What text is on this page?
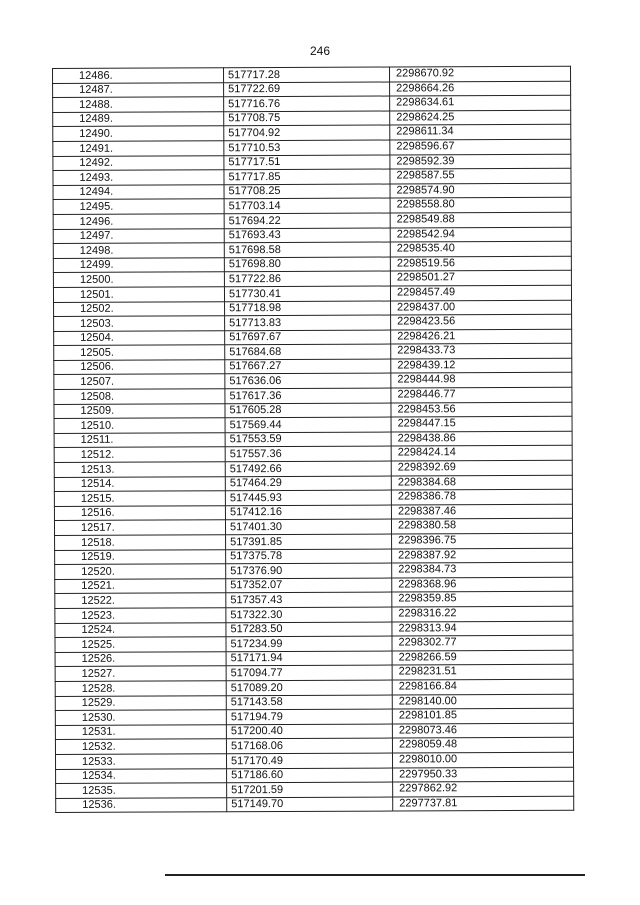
246
12486.	517717.28	2298670.92
12487.	517722.69	2298664.26
12488.	517716.76	2298634.61
12489.	517708.75	2298624.25
12490.	517704.92	2298611.34
12491.	517710.53	2298596.67
12492.	517717.51	2298592.39
12493.	517717.85	2298587.55
12494.	517708.25	2298574.90
12495.	517703.14	2298558.80
12496.	517694.22	2298549.88
12497.	517693.43	2298542.94
12498.	517698.58	2298535.40
12499.	517698.80	2298519.56
12500.	517722.86	2298501.27
12501.	517730.41	2298457.49
12502.	517718.98	2298437.00
12503.	517713.83	2298423.56
12504.	517697.67	2298426.21
12505.	517684.68	2298433.73
12506.	517667.27	2298439.12
12507.	517636.06	2298444.98
12508.	517617.36	2298446.77
12509.	517605.28	2298453.56
12510.	517569.44	2298447.15
12511.	517553.59	2298438.86
12512.	517557.36	2298424.14
12513.	517492.66	2298392.69
12514.	517464.29	2298384.68
12515.	517445.93	2298386.78
12516.	517412.16	2298387.46
12517.	517401.30	2298380.58
12518.	517391.85	2298396.75
12519.	517375.78	2298387.92
12520.	517376.90	2298384.73
12521.	517352.07	2298368.96
12522.	517357.43	2298359.85
12523.	517322.30	2298316.22
12524.	517283.50	2298313.94
12525.	517234.99	2298302.77
12526.	517171.94	2298266.59
12527.	517094.77	2298231.51
12528.	517089.20	2298166.84
12529.	517143.58	2298140.00
12530.	517194.79	2298101.85
12531.	517200.40	2298073.46
12532.	517168.06	2298059.48
12533.	517170.49	2298010.00
12534.	517186.60	2297950.33
12535.	517201.59	2297862.92
12536.	517149.70	2297737.81
